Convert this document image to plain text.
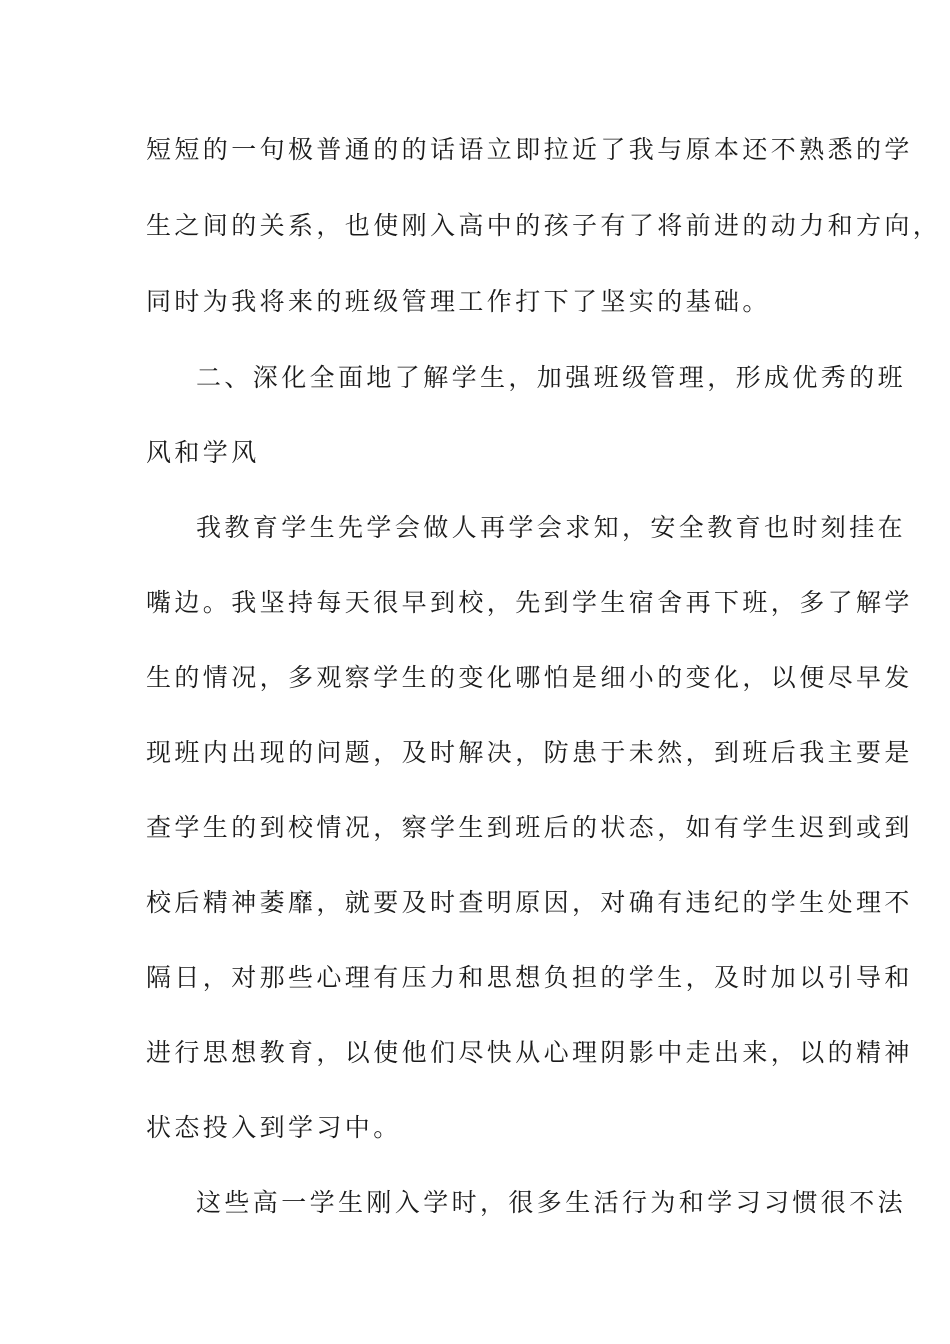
短短的一句极普通的的话语立即拉近了我与原本还不熟悉的学
生之间的关系，也使刚入高中的孩子有了将前进的动力和方向，
同时为我将来的班级管理工作打下了坚实的基础。
二、深化全面地了解学生，加强班级管理，形成优秀的班
风和学风
我教育学生先学会做人再学会求知，安全教育也时刻挂在
嘴边。我坚持每天很早到校，先到学生宿舍再下班，多了解学
生的情况，多观察学生的变化哪怕是细小的变化，以便尽早发
现班内出现的问题，及时解决，防患于未然，到班后我主要是
查学生的到校情况，察学生到班后的状态，如有学生迟到或到
校后精神萎靡，就要及时查明原因，对确有违纪的学生处理不
隔日，对那些心理有压力和思想负担的学生，及时加以引导和
进行思想教育，以使他们尽快从心理阴影中走出来，以的精神
状态投入到学习中。
这些高一学生刚入学时，很多生活行为和学习习惯很不法
